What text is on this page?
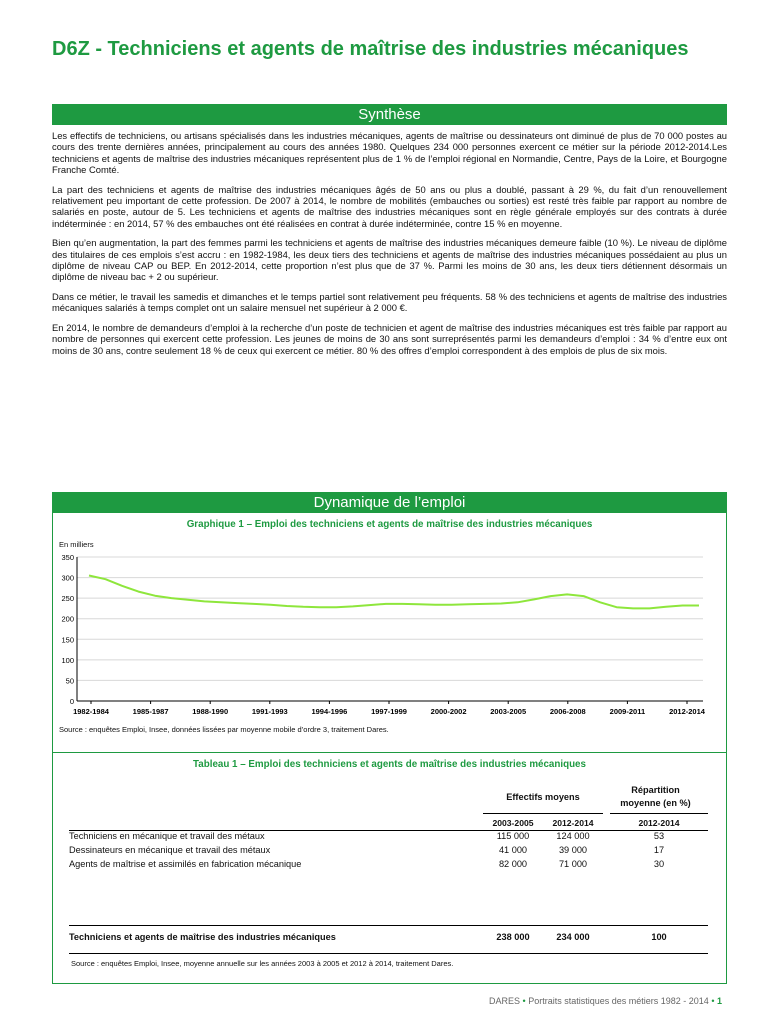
D6Z - Techniciens et agents de maîtrise des industries mécaniques
Synthèse

Les effectifs de techniciens, ou artisans spécialisés dans les industries mécaniques, agents de maîtrise ou dessinateurs ont diminué de plus de 70 000 postes au cours des trente dernières années, principalement au cours des années 1980. Quelques 234 000 personnes exercent ce métier sur la période 2012-2014.Les techniciens et agents de maîtrise des industries mécaniques représentent plus de 1 % de l’emploi régional en Normandie, Centre, Pays de la Loire, et Bourgogne Franche Comté.

La part des techniciens et agents de maîtrise des industries mécaniques âgés de 50 ans ou plus a doublé, passant à 29 %, du fait d’un renouvellement relativement peu important de cette profession. De 2007 à 2014, le nombre de mobilités (embauches ou sorties) est resté très faible par rapport au nombre de salariés en poste, autour de 5. Les techniciens et agents de maîtrise des industries mécaniques sont en règle générale employés sur des contrats à durée indéterminée : en 2014, 57 % des embauches ont été réalisées en contrat à durée indéterminée, contre 15 % en moyenne.

Bien qu’en augmentation, la part des femmes parmi les techniciens et agents de maîtrise des industries mécaniques demeure faible (10 %). Le niveau de diplôme des titulaires de ces emplois s’est accru : en 1982-1984, les deux tiers des techniciens et agents de maîtrise des industries mécaniques possédaient au plus un diplôme de niveau CAP ou BEP. En 2012-2014, cette proportion n’est plus que de 37 %. Parmi les moins de 30 ans, les deux tiers détiennent désormais un diplôme de niveau bac + 2 ou supérieur.

Dans ce métier, le travail les samedis et dimanches et le temps partiel sont relativement peu fréquents. 58 % des techniciens et agents de maîtrise des industries mécaniques salariés à temps complet ont un salaire mensuel net supérieur à 2 000 €.

En 2014, le nombre de demandeurs d’emploi à la recherche d’un poste de technicien et agent de maîtrise des industries mécaniques est très faible par rapport au nombre de personnes qui exercent cette profession. Les jeunes de moins de 30 ans sont surreprésentés parmi les demandeurs d’emploi : 34 % d’entre eux ont moins de 30 ans, contre seulement 18 % de ceux qui exercent ce métier. 80 % des offres d’emploi correspondent à des emplois de plus de six mois.

Dynamique de l’emploi
Graphique 1 – Emploi des techniciens et agents de maîtrise des industries mécaniques
En milliers
0
50
100
150
200
250
300
350
1982-1984	1985-1987	1988-1990	1991-1993	1994-1996	1997-1999	2000-2002	2003-2005	2006-2008	2009-2011	2012-2014
Source : enquêtes Emploi, Insee, données lissées par moyenne mobile d’ordre 3, traitement Dares.
Tableau 1 – Emploi des techniciens et agents de maîtrise des industries mécaniques
Effectifs moyens
Répartition
moyenne (en %)
2003-2005	2012-2014	2012-2014
Techniciens en mécanique et travail des métaux	115 000	124 000	53
Dessinateurs en mécanique et travail des métaux	41 000	39 000	17
Agents de maîtrise et assimilés en fabrication mécanique	82 000	71 000	30
Techniciens et agents de maîtrise des industries mécaniques	238 000	234 000	100
Source : enquêtes Emploi, Insee, moyenne annuelle sur les années 2003 à 2005 et 2012 à 2014, traitement Dares.
DARES • Portraits statistiques des métiers 1982 - 2014 • 1
